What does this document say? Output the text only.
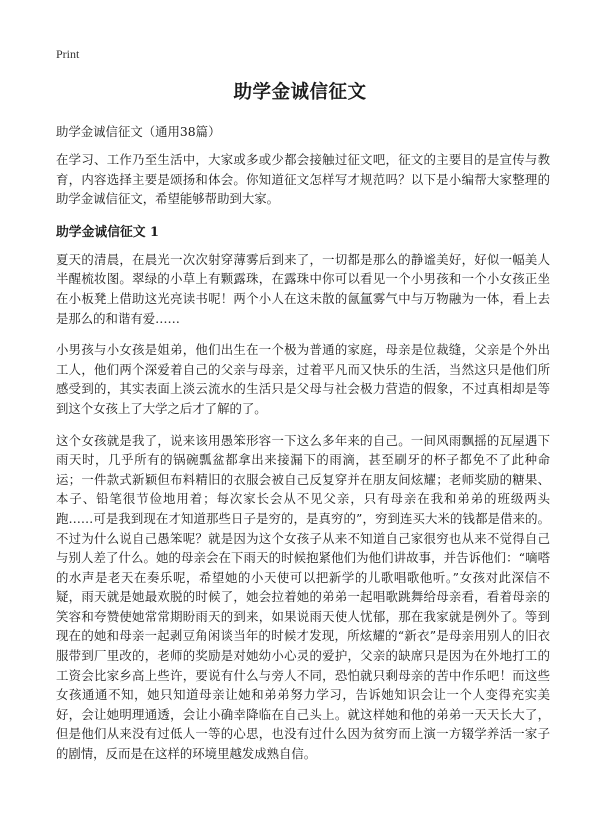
Print
助学金诚信征文
助学金诚信征文（通用38篇）

在学习、工作乃至生活中，大家或多或少都会接触过征文吧，征文的主要目的是宣传与教育，内容选择主要是颂扬和体会。你知道征文怎样写才规范吗？以下是小编帮大家整理的助学金诚信征文，希望能够帮助到大家。

助学金诚信征文 1

夏天的清晨，在晨光一次次射穿薄雾后到来了，一切都是那么的静谧美好，好似一幅美人半醒梳妆图。翠绿的小草上有颗露珠，在露珠中你可以看见一个小男孩和一个小女孩正坐在小板凳上借助这光亮读书呢！两个小人在这未散的氤氲雾气中与万物融为一体，看上去是那么的和谐有爱……

小男孩与小女孩是姐弟，他们出生在一个极为普通的家庭，母亲是位裁缝，父亲是个外出工人，他们两个深爱着自己的父亲与母亲，过着平凡而又快乐的生活，当然这只是他们所感受到的，其实表面上淡云流水的生活只是父母与社会极力营造的假象，不过真相却是等到这个女孩上了大学之后才了解的了。

这个女孩就是我了，说来该用愚笨形容一下这么多年来的自己。一间风雨飘摇的瓦屋遇下雨天时，几乎所有的锅碗瓢盆都拿出来接漏下的雨滴，甚至刷牙的杯子都免不了此种命运；一件款式新颖但布料精旧的衣服会被自己反复穿并在朋友间炫耀；老师奖励的糖果、本子、铅笔很节俭地用着；每次家长会从不见父亲，只有母亲在我和弟弟的班级两头跑……可是我到现在才知道那些日子是穷的，是真穷的”，穷到连买大米的钱都是借来的。不过为什么说自己愚笨呢？就是因为这个女孩子从来不知道自己家很穷也从来不觉得自己与别人差了什么。她的母亲会在下雨天的时候抱紧他们为他们讲故事，并告诉他们：“嘀嗒的水声是老天在奏乐呢，希望她的小天使可以把新学的儿歌唱歌他听。”女孩对此深信不疑，雨天就是她最欢脱的时候了，她会拉着她的弟弟一起唱歌跳舞给母亲看，看着母亲的笑容和夸赞使她常常期盼雨天的到来，如果说雨天使人忧郁，那在我家就是例外了。等到现在的她和母亲一起剥豆角闲谈当年的时候才发现，所炫耀的“新衣”是母亲用别人的旧衣服带到厂里改的，老师的奖励是对她幼小心灵的爱护，父亲的缺席只是因为在外地打工的工资会比家乡高上些许，要说有什么与旁人不同，恐怕就只剩母亲的苦中作乐吧！而这些女孩通通不知，她只知道母亲让她和弟弟努力学习，告诉她知识会让一个人变得充实美好，会让她明理通透，会让小确幸降临在自己头上。就这样她和他的弟弟一天天长大了，但是他们从来没有过低人一等的心思，也没有过什么因为贫穷而上演一方辍学养活一家子的剧情，反而是在这样的环境里越发成熟自信。
